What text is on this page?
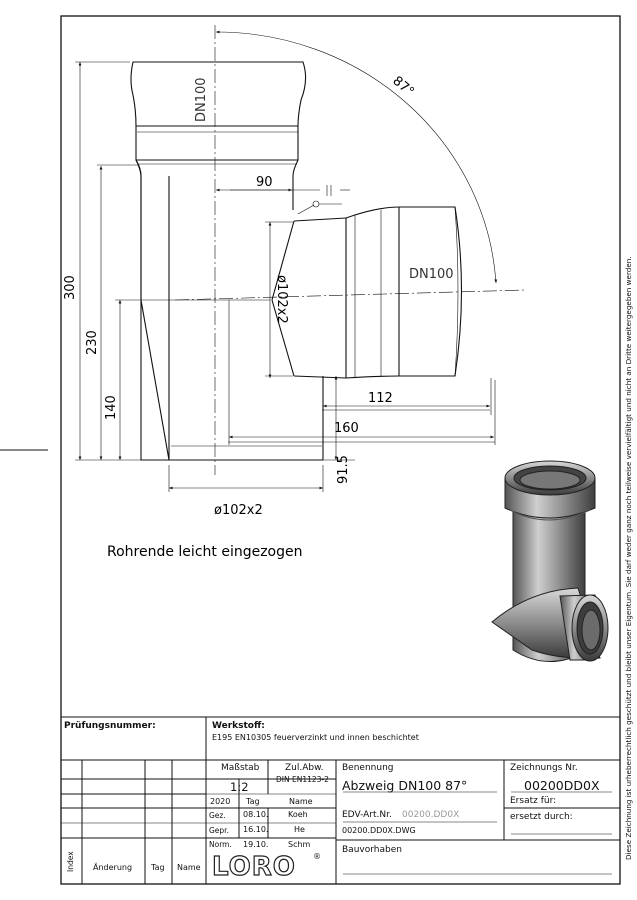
300
230
140
91.5
90
112
160
87°
ø102x2
ø102x2
DN100
DN100
Rohrende leicht eingezogen
Prüfungsnummer:	Werkstoff:
E195 EN10305 feuerverzinkt und innen beschichtet
Maßstab
1:2
Zul.Abw.
DIN EN1123-2
Benennung
Abzweig DN100 87°
Zeichnungs Nr.
00200DD0X
2020 Tag	Name
Gez. 08.10. Koeh
Gepr. 16.10.	He
Norm. 19.10. Schm
Ersatz für:
ersetzt durch:
EDV-Art.Nr. 00200.DD0X
00200.DD0X.DWG
Bauvorhaben
Index Änderung Tag Name LORO ®	Diese Zeichnung ist urheberrechtlich geschützt und bleibt unser Eigentum. Sie darf weder ganz noch teilweise vervielfältigt und nicht an Dritte weitergegeben werden.
